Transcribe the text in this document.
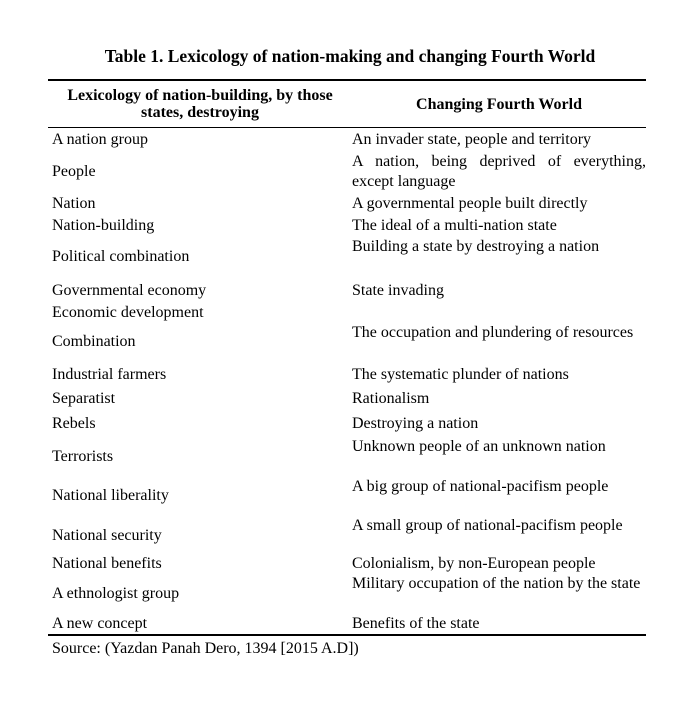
Table 1. Lexicology of nation-making and changing Fourth World
Lexicology of nation-building, by those states, destroying	Changing Fourth World
A nation group
People
Nation
Nation-building
Political combination
Governmental economy
Economic development
Combination
Industrial farmers
Separatist
Rebels
Terrorists
National liberality
National security
National benefits
A ethnologist group
A new concept
An invader state, people and territory
A nation, being deprived of everything, except language
A governmental people built directly
The ideal of a multi-nation state
Building a state by destroying a nation
State invading
The occupation and plundering of resources
The systematic plunder of nations
Rationalism
Destroying a nation
Unknown people of an unknown nation
A big group of national-pacifism people
A small group of national-pacifism people
Colonialism, by non-European people
Military occupation of the nation by the state
Benefits of the state
Source: (Yazdan Panah Dero, 1394 [2015 A.D])
